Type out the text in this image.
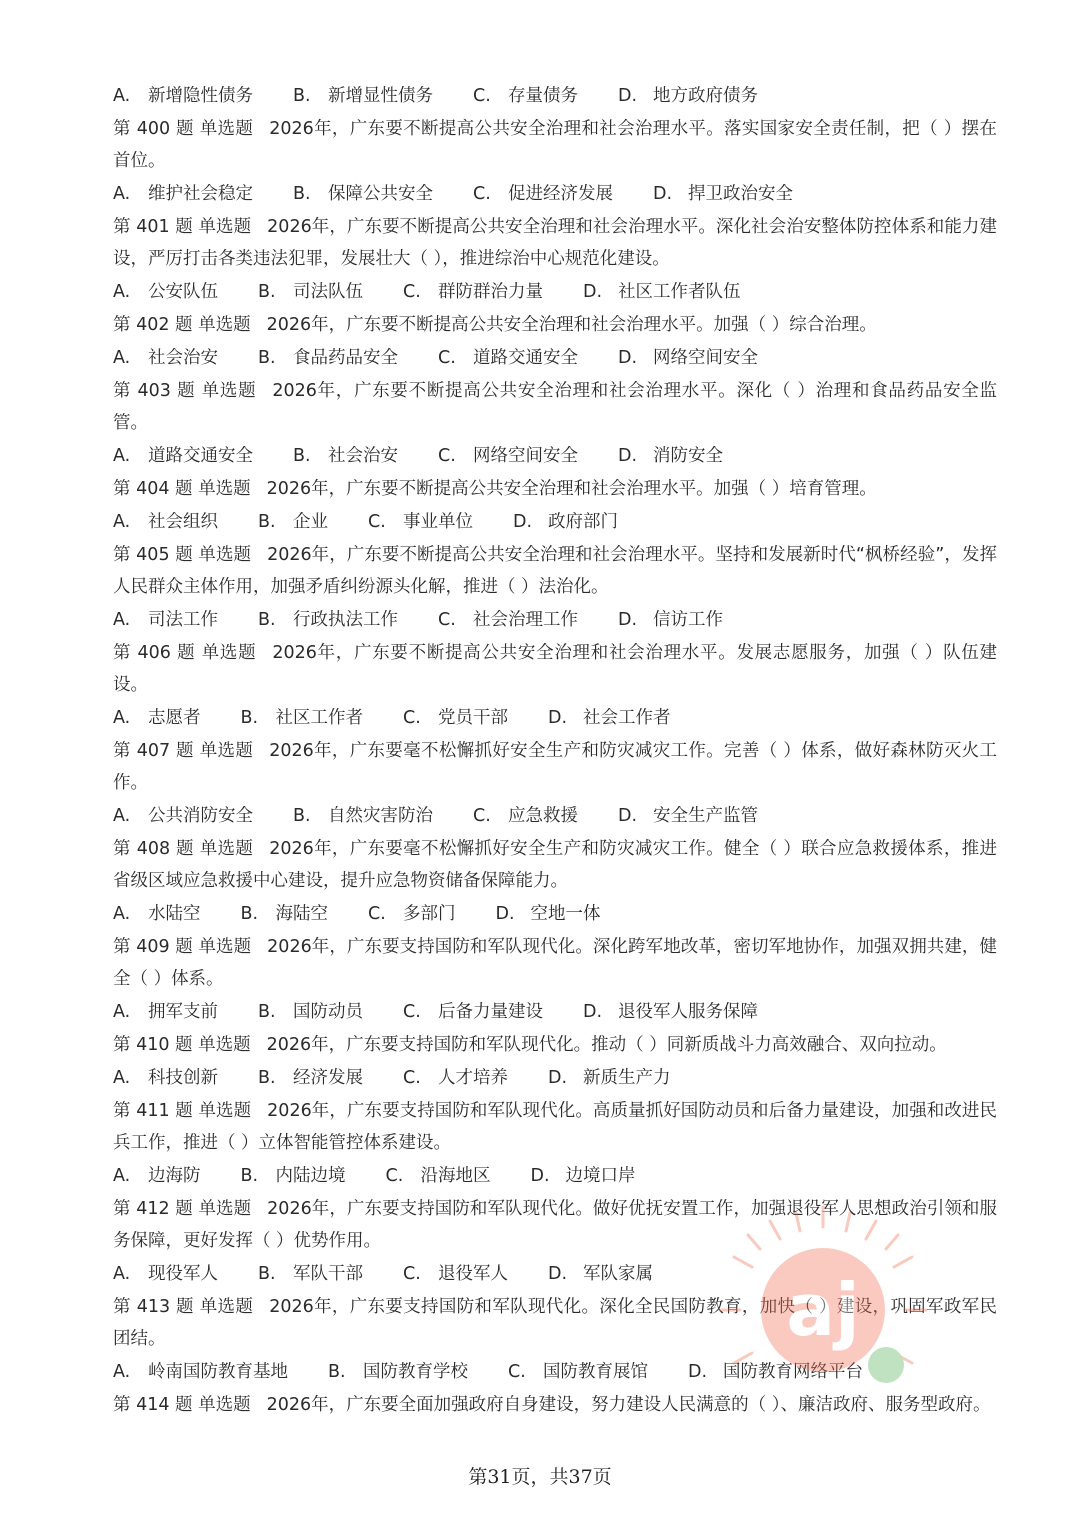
A.	新增隐性债务 B. 新增显性债务 C. 存量债务 D. 地方政府债务
第 400 题 单选题 2026年，广东要不断提高公共安全治理和社会治理水平。落实国家安全责任制，把（ ）摆在首位。
A.	维护社会稳定 B. 保障公共安全 C. 促进经济发展 D. 捍卫政治安全
第 401 题 单选题 2026年，广东要不断提高公共安全治理和社会治理水平。深化社会治安整体防控体系和能力建设，严厉打击各类违法犯罪，发展壮大（ ），推进综治中心规范化建设。
A.	公安队伍 B. 司法队伍 C. 群防群治力量 D. 社区工作者队伍
第 402 题 单选题 2026年，广东要不断提高公共安全治理和社会治理水平。加强（ ）综合治理。
A.	社会治安 B. 食品药品安全 C. 道路交通安全 D. 网络空间安全
第 403 题 单选题 2026年，广东要不断提高公共安全治理和社会治理水平。深化（ ）治理和食品药品安全监管。
A.	道路交通安全 B. 社会治安 C. 网络空间安全 D. 消防安全
第 404 题 单选题 2026年，广东要不断提高公共安全治理和社会治理水平。加强（ ）培育管理。
A.	社会组织 B. 企业 C. 事业单位 D. 政府部门
第 405 题 单选题 2026年，广东要不断提高公共安全治理和社会治理水平。坚持和发展新时代“枫桥经验”，发挥人民群众主体作用，加强矛盾纠纷源头化解，推进（ ）法治化。
A.	司法工作 B. 行政执法工作 C. 社会治理工作 D. 信访工作
第 406 题 单选题 2026年，广东要不断提高公共安全治理和社会治理水平。发展志愿服务，加强（ ）队伍建设。
A.	志愿者 B. 社区工作者 C. 党员干部 D. 社会工作者
第 407 题 单选题 2026年，广东要毫不松懈抓好安全生产和防灾减灾工作。完善（ ）体系，做好森林防灭火工作。
A.	公共消防安全 B. 自然灾害防治 C. 应急救援 D. 安全生产监管
第 408 题 单选题 2026年，广东要毫不松懈抓好安全生产和防灾减灾工作。健全（ ）联合应急救援体系，推进省级区域应急救援中心建设，提升应急物资储备保障能力。
A.	水陆空 B. 海陆空 C. 多部门 D. 空地一体
第 409 题 单选题 2026年，广东要支持国防和军队现代化。深化跨军地改革，密切军地协作，加强双拥共建，健全（ ）体系。
A.	拥军支前 B. 国防动员 C. 后备力量建设 D. 退役军人服务保障
第 410 题 单选题 2026年，广东要支持国防和军队现代化。推动（ ）同新质战斗力高效融合、双向拉动。
A.	科技创新 B. 经济发展 C. 人才培养 D. 新质生产力
第 411 题 单选题 2026年，广东要支持国防和军队现代化。高质量抓好国防动员和后备力量建设，加强和改进民兵工作，推进（ ）立体智能管控体系建设。
A.	边海防 B. 内陆边境 C. 沿海地区 D. 边境口岸
第 412 题 单选题 2026年，广东要支持国防和军队现代化。做好优抚安置工作，加强退役军人思想政治引领和服务保障，更好发挥（ ）优势作用。
A.	现役军人 B. 军队干部 C. 退役军人 D. 军队家属
第 413 题 单选题 2026年，广东要支持国防和军队现代化。深化全民国防教育，加快（ ）建设，巩固军政军民团结。
A.	岭南国防教育基地 B. 国防教育学校 C. 国防教育展馆 D. 国防教育网络平台
第 414 题 单选题 2026年，广东要全面加强政府自身建设，努力建设人民满意的（ ）、廉洁政府、服务型政府。
第31页，共37页
aj
